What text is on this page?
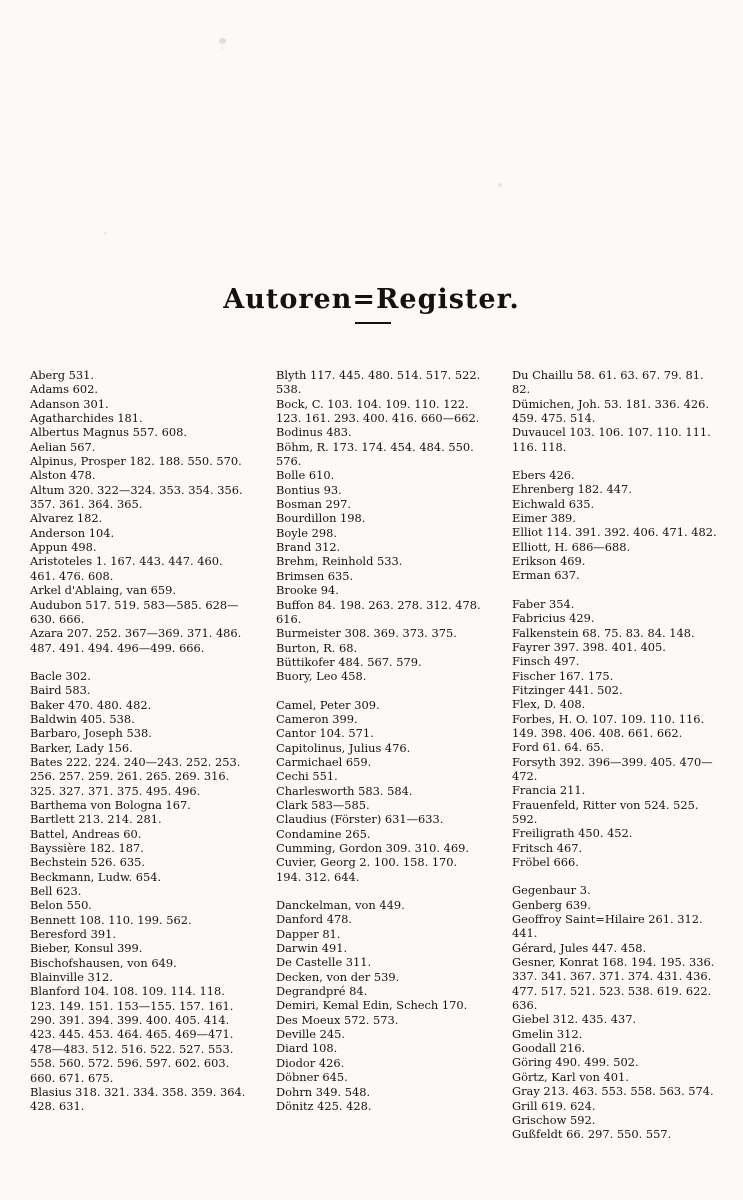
Autoren=Register.

Aberg 531.

Adams 602.

Adanson 301.

Agatharchides 181.

Albertus Magnus 557. 608.

Aelian 567.

Alpinus, Prosper 182. 188. 550. 570.

Alston 478.

Altum 320. 322—324. 353. 354. 356. 357. 361. 364. 365.

Alvarez 182.

Anderson 104.

Appun 498.

Aristoteles 1. 167. 443. 447. 460. 461. 476. 608.

Arkel d'Ablaing, van 659.

Audubon 517. 519. 583—585. 628—630. 666.

Azara 207. 252. 367—369. 371. 486. 487. 491. 494. 496—499. 666.

Bacle 302.

Baird 583.

Baker 470. 480. 482.

Baldwin 405. 538.

Barbaro, Joseph 538.

Barker, Lady 156.

Bates 222. 224. 240—243. 252. 253. 256. 257. 259. 261. 265. 269. 316. 325. 327. 371. 375. 495. 496.

Barthema von Bologna 167.

Bartlett 213. 214. 281.

Battel, Andreas 60.

Bayssière 182. 187.

Bechstein 526. 635.

Beckmann, Ludw. 654.

Bell 623.

Belon 550.

Bennett 108. 110. 199. 562.

Beresford 391.

Bieber, Konsul 399.

Bischofshausen, von 649.

Blainville 312.

Blanford 104. 108. 109. 114. 118. 123. 149. 151. 153—155. 157. 161. 290. 391. 394. 399. 400. 405. 414. 423. 445. 453. 464. 465. 469—471. 478—483. 512. 516. 522. 527. 553. 558. 560. 572. 596. 597. 602. 603. 660. 671. 675.

Blasius 318. 321. 334. 358. 359. 364. 428. 631.

Blyth 117. 445. 480. 514. 517. 522. 538.

Bock, C. 103. 104. 109. 110. 122. 123. 161. 293. 400. 416. 660—662.

Bodinus 483.

Böhm, R. 173. 174. 454. 484. 550. 576.

Bolle 610.

Bontius 93.

Bosman 297.

Bourdillon 198.

Boyle 298.

Brand 312.

Brehm, Reinhold 533.

Brimsen 635.

Brooke 94.

Buffon 84. 198. 263. 278. 312. 478. 616.

Burmeister 308. 369. 373. 375.

Burton, R. 68.

Büttikofer 484. 567. 579.

Buory, Leo 458.

Camel, Peter 309.

Cameron 399.

Cantor 104. 571.

Capitolinus, Julius 476.

Carmichael 659.

Cechi 551.

Charlesworth 583. 584.

Clark 583—585.

Claudius (Förster) 631—633.

Condamine 265.

Cumming, Gordon 309. 310. 469.

Cuvier, Georg 2. 100. 158. 170. 194. 312. 644.

Danckelman, von 449.

Danford 478.

Dapper 81.

Darwin 491.

De Castelle 311.

Decken, von der 539.

Degrandpré 84.

Demiri, Kemal Edin, Schech 170.

Des Moeux 572. 573.

Deville 245.

Diard 108.

Diodor 426.

Döbner 645.

Dohrn 349. 548.

Dönitz 425. 428.

Du Chaillu 58. 61. 63. 67. 79. 81. 82.

Dümichen, Joh. 53. 181. 336. 426. 459. 475. 514.

Duvaucel 103. 106. 107. 110. 111. 116. 118.

Ebers 426.

Ehrenberg 182. 447.

Eichwald 635.

Eimer 389.

Elliot 114. 391. 392. 406. 471. 482.

Elliott, H. 686—688.

Erikson 469.

Erman 637.

Faber 354.

Fabricius 429.

Falkenstein 68. 75. 83. 84. 148.

Fayrer 397. 398. 401. 405.

Finsch 497.

Fischer 167. 175.

Fitzinger 441. 502.

Flex, D. 408.

Forbes, H. O. 107. 109. 110. 116. 149. 398. 406. 408. 661. 662.

Ford 61. 64. 65.

Forsyth 392. 396—399. 405. 470—472.

Francia 211.

Frauenfeld, Ritter von 524. 525. 592.

Freiligrath 450. 452.

Fritsch 467.

Fröbel 666.

Gegenbaur 3.

Genberg 639.

Geoffroy Saint=Hilaire 261. 312. 441.

Gérard, Jules 447. 458.

Gesner, Konrat 168. 194. 195. 336. 337. 341. 367. 371. 374. 431. 436. 477. 517. 521. 523. 538. 619. 622. 636.

Giebel 312. 435. 437.

Gmelin 312.

Goodall 216.

Göring 490. 499. 502.

Görtz, Karl von 401.

Gray 213. 463. 553. 558. 563. 574.

Grill 619. 624.

Grischow 592.

Gußfeldt 66. 297. 550. 557.
